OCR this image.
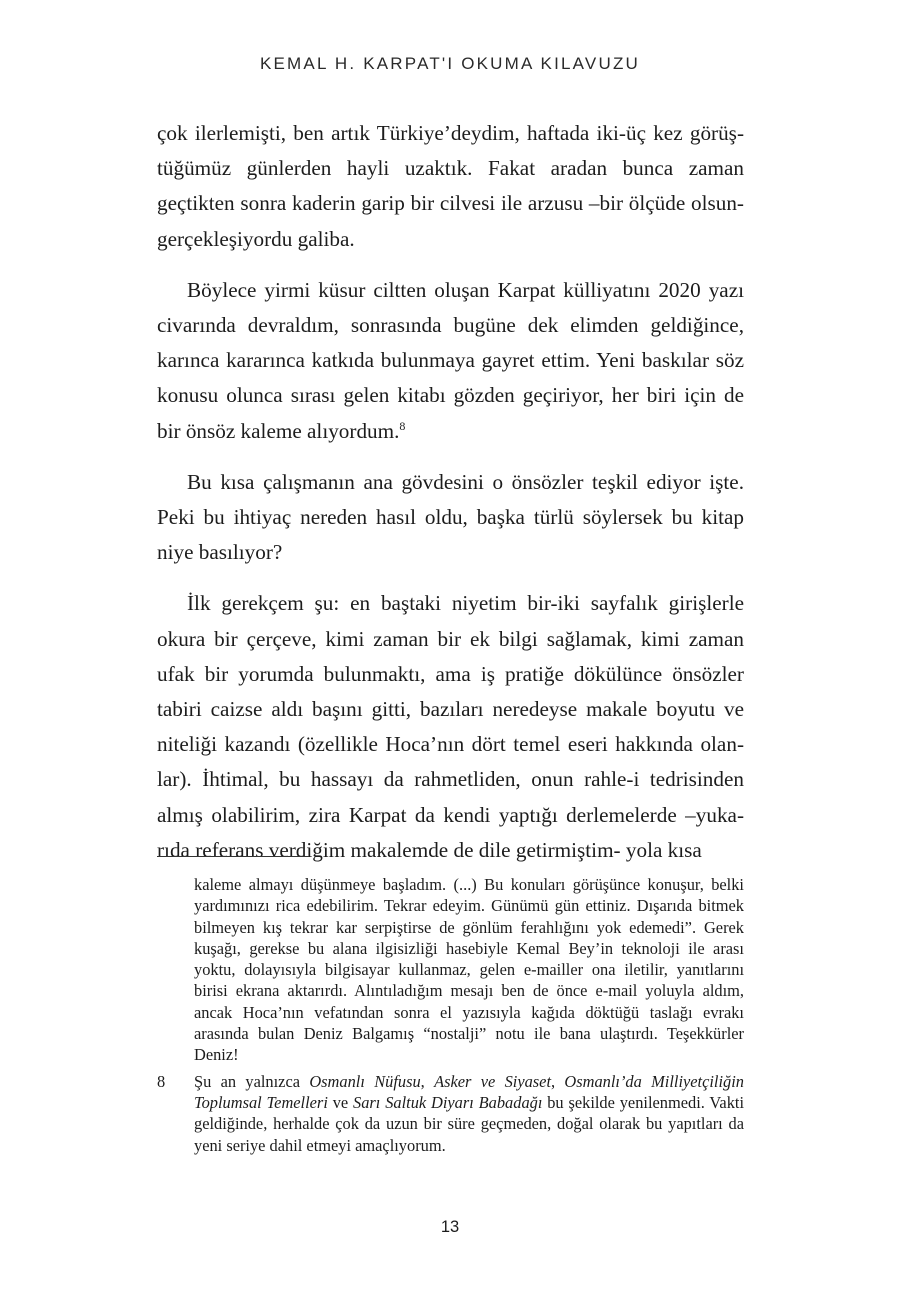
KEMAL H. KARPAT'I OKUMA KILAVUZU

çok ilerlemişti, ben artık Türkiye’deydim, haftada iki-üç kez görüştüğümüz günlerden hayli uzaktık. Fakat aradan bunca zaman geçtikten sonra kaderin garip bir cilvesi ile arzusu –bir ölçüde olsun- gerçekleşiyordu galiba.

Böylece yirmi küsur ciltten oluşan Karpat külliyatını 2020 yazı civarında devraldım, sonrasında bugüne dek elimden geldiğince, karınca kararınca katkıda bulunmaya gayret ettim. Yeni baskılar söz konusu olunca sırası gelen kitabı gözden geçiriyor, her biri için de bir önsöz kaleme alıyordum.$^8$

Bu kısa çalışmanın ana gövdesini o önsözler teşkil ediyor işte. Peki bu ihtiyaç nereden hasıl oldu, başka türlü söylersek bu kitap niye basılıyor?

İlk gerekçem şu: en baştaki niyetim bir-iki sayfalık girişlerle okura bir çerçeve, kimi zaman bir ek bilgi sağlamak, kimi zaman ufak bir yorumda bulunmaktı, ama iş pratiğe dökülünce önsözler tabiri caizse aldı başını gitti, bazıları neredeyse makale boyutu ve niteliği kazandı (özellikle Hoca’nın dört temel eseri hakkında olanlar). İhtimal, bu hassayı da rahmetliden, onun rahle-i tedrisinden almış olabilirim, zira Karpat da kendi yaptığı derlemelerde –yukarıda referans verdiğim makalemde de dile getirmiştim- yola kısa

kaleme almayı düşünmeye başladım. (...) Bu konuları görüşünce konuşur, belki yardımınızı rica edebilirim. Tekrar edeyim. Günümü gün ettiniz. Dışarıda bitmek bilmeyen kış tekrar kar serpiştirse de gönlüm ferahlığını yok edemedi”. Gerek kuşağı, gerekse bu alana ilgisizliği hasebiyle Kemal Bey’in teknoloji ile arası yoktu, dolayısıyla bilgisayar kullanmaz, gelen e-mailler ona iletilir, yanıtlarını birisi ekrana aktarırdı. Alıntıladığım mesajı ben de önce e-mail yoluyla aldım, ancak Hoca’nın vefatından sonra el yazısıyla kağıda döktüğü taslağı evrakı arasında bulan Deniz Balgamış “nostalji” notu ile bana ulaştırdı. Teşekkürler Deniz!
8	Şu an yalnızca Osmanlı Nüfusu, Asker ve Siyaset, Osmanlı’da Milliyetçiliğin Toplumsal Temelleri ve Sarı Saltuk Diyarı Babadağı bu şekilde yenilenmedi. Vakti geldiğinde, herhalde çok da uzun bir süre geçmeden, doğal olarak bu yapıtları da yeni seriye dahil etmeyi amaçlıyorum.
13
